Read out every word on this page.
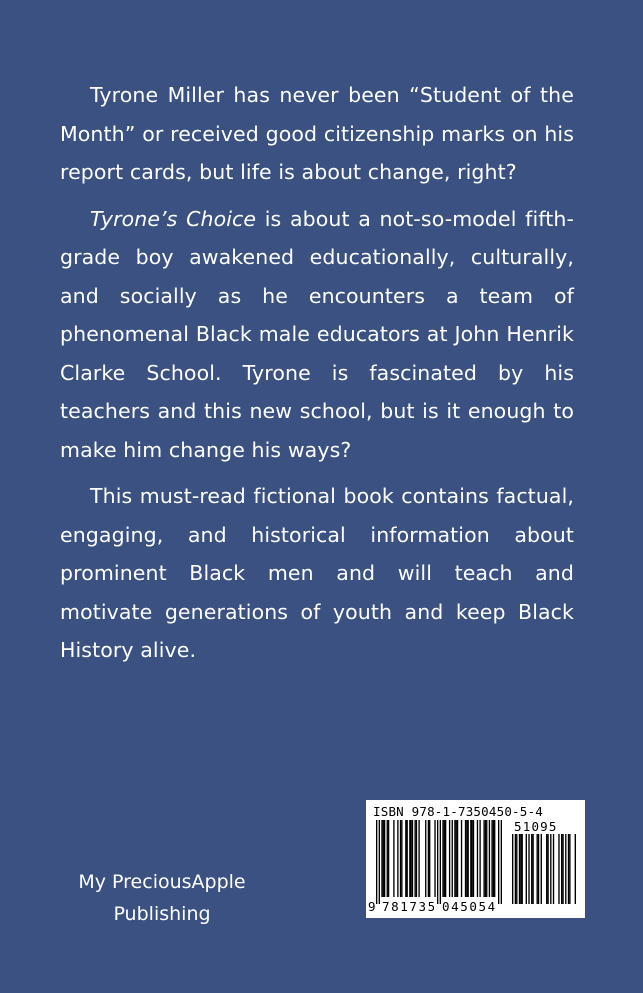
Tyrone Miller has never been “Student of the Month” or received good citizenship marks on his report cards, but life is about change, right?

Tyrone’s Choice is about a not-so-model fifth-grade boy awakened educationally, culturally, and socially as he encounters a team of phenomenal Black male educators at John Henrik Clarke School. Tyrone is fascinated by his teachers and this new school, but is it enough to make him change his ways?

This must-read fictional book contains factual, engaging, and historical information about prominent Black men and will teach and motivate generations of youth and keep Black History alive.

My PreciousApple
Publishing
ISBN 978-1-7350450-5-4
51095
9 781735 045054
